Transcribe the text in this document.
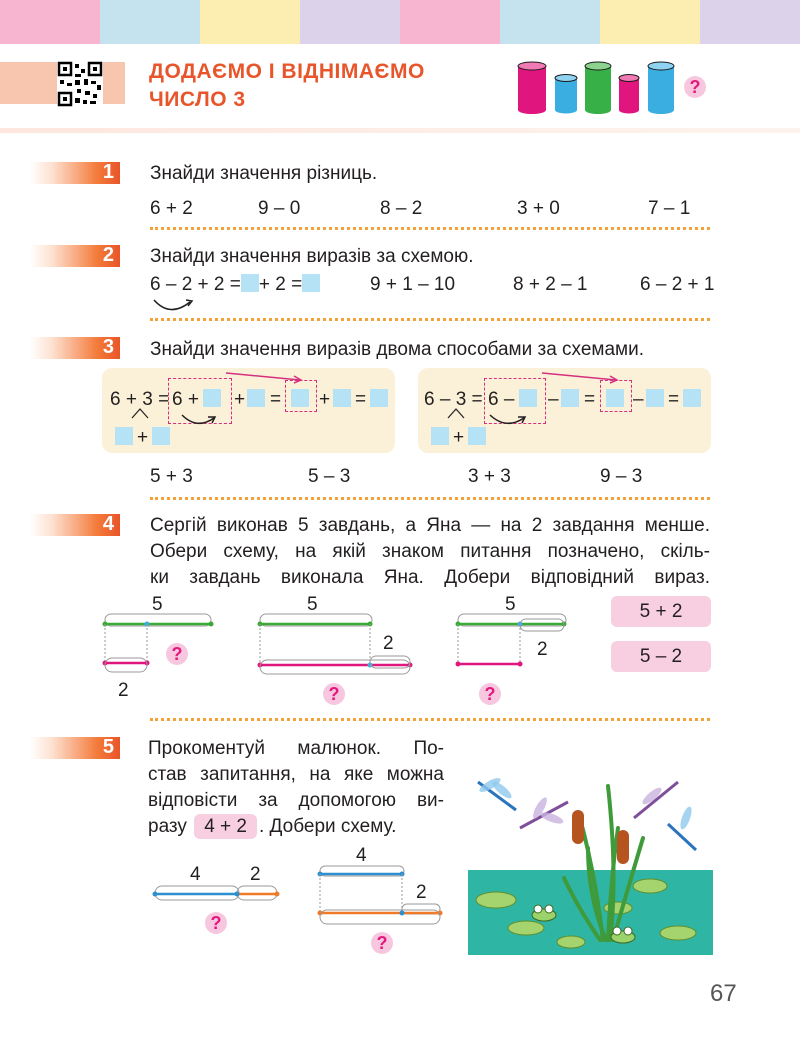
ДОДАЄМО І ВІДНІМАЄМО
ЧИСЛО 3
?
1 Знайди значення різниць.
6 + 2	9 – 0	8 – 2	3 + 0	7 – 1
2 Знайди значення виразів за схемою.
6 – 2 + 2 = + 2 =	9 + 1 – 10	8 + 2 – 1	6 – 2 + 1
3 Знайди значення виразів двома способами за схемами.
6 + 3 = 6 + + = + =
+
6 – 3 = 6 – – = – =
+
5 + 3	5 – 3	3 + 3	9 – 3
4 Сергій виконав 5 завдань, а Яна — на 2 завдання менше.
Обери схему, на якій знаком питання позначено, скіль-
ки завдань виконала Яна. Добери відповідний вираз.
5
2
5
2
5
2
?
?	?
5 + 2
5 – 2
5 Прокоментуй малюнок. По-
став запитання, на яке можна
відповісти за допомогою ви-
разу 4 + 2 . Добери схему.
4	2
4
2
?
?
67
